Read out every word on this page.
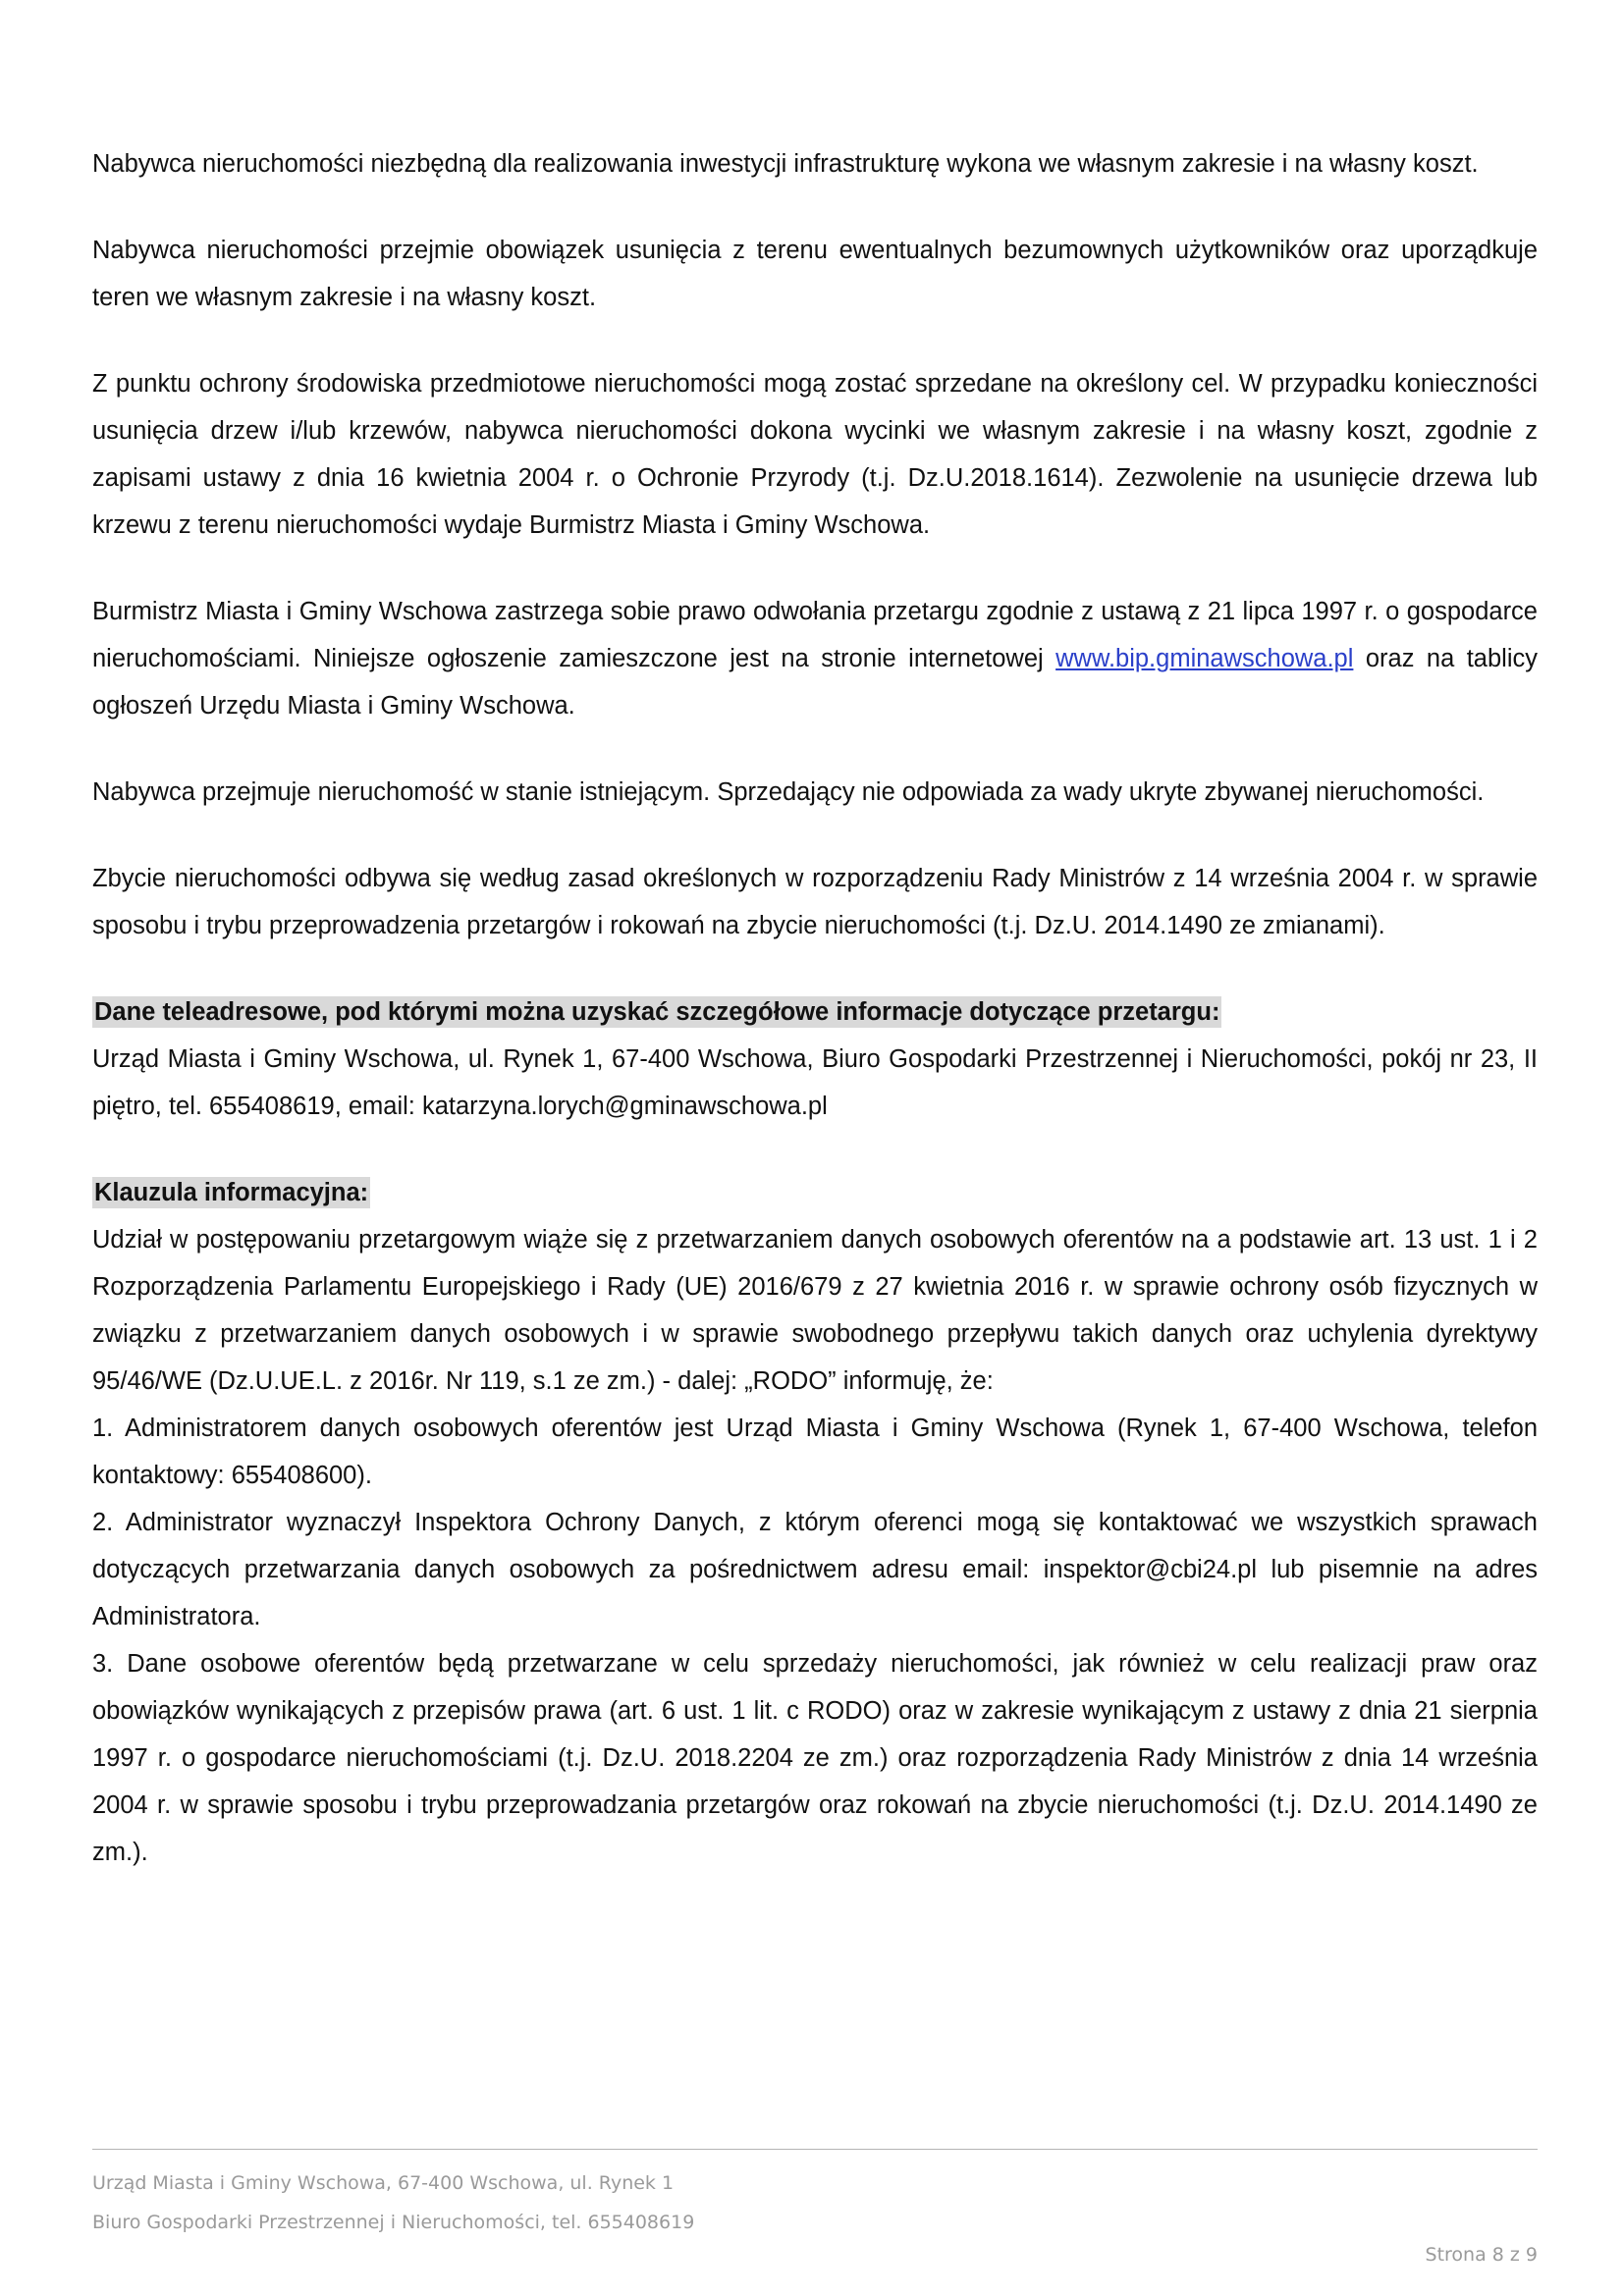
Nabywca nieruchomości niezbędną dla realizowania inwestycji infrastrukturę wykona we własnym zakresie i na własny koszt.

Nabywca nieruchomości przejmie obowiązek usunięcia z terenu ewentualnych bezumownych użytkowników oraz uporządkuje teren we własnym zakresie i na własny koszt.

Z punktu ochrony środowiska przedmiotowe nieruchomości mogą zostać sprzedane na określony cel. W przypadku konieczności usunięcia drzew i/lub krzewów, nabywca nieruchomości dokona wycinki we własnym zakresie i na własny koszt, zgodnie z zapisami ustawy z dnia 16 kwietnia 2004 r. o Ochronie Przyrody (t.j. Dz.U.2018.1614). Zezwolenie na usunięcie drzewa lub krzewu z terenu nieruchomości wydaje Burmistrz Miasta i Gminy Wschowa.

Burmistrz Miasta i Gminy Wschowa zastrzega sobie prawo odwołania przetargu zgodnie z ustawą z 21 lipca 1997 r. o gospodarce nieruchomościami. Niniejsze ogłoszenie zamieszczone jest na stronie internetowej www.bip.gminawschowa.pl oraz na tablicy ogłoszeń Urzędu Miasta i Gminy Wschowa.

Nabywca przejmuje nieruchomość w stanie istniejącym. Sprzedający nie odpowiada za wady ukryte zbywanej nieruchomości.

Zbycie nieruchomości odbywa się według zasad określonych w rozporządzeniu Rady Ministrów z 14 września 2004 r. w sprawie sposobu i trybu przeprowadzenia przetargów i rokowań na zbycie nieruchomości (t.j. Dz.U. 2014.1490 ze zmianami).

Dane teleadresowe, pod którymi można uzyskać szczegółowe informacje dotyczące przetargu:

Urząd Miasta i Gminy Wschowa, ul. Rynek 1, 67-400 Wschowa, Biuro Gospodarki Przestrzennej i Nieruchomości, pokój nr 23, II piętro, tel. 655408619, email: katarzyna.lorych@gminawschowa.pl

Klauzula informacyjna:

Udział w postępowaniu przetargowym wiąże się z przetwarzaniem danych osobowych oferentów na a podstawie art. 13 ust. 1 i 2 Rozporządzenia Parlamentu Europejskiego i Rady (UE) 2016/679 z 27 kwietnia 2016 r. w sprawie ochrony osób fizycznych w związku z przetwarzaniem danych osobowych i w sprawie swobodnego przepływu takich danych oraz uchylenia dyrektywy 95/46/WE (Dz.U.UE.L. z 2016r. Nr 119, s.1 ze zm.) - dalej: „RODO” informuję, że:

1. Administratorem danych osobowych oferentów jest Urząd Miasta i Gminy Wschowa (Rynek 1, 67-400 Wschowa, telefon kontaktowy: 655408600).

2. Administrator wyznaczył Inspektora Ochrony Danych, z którym oferenci mogą się kontaktować we wszystkich sprawach dotyczących przetwarzania danych osobowych za pośrednictwem adresu email: inspektor@cbi24.pl lub pisemnie na adres Administratora.

3. Dane osobowe oferentów będą przetwarzane w celu sprzedaży nieruchomości, jak również w celu realizacji praw oraz obowiązków wynikających z przepisów prawa (art. 6 ust. 1 lit. c RODO) oraz w zakresie wynikającym z ustawy z dnia 21 sierpnia 1997 r. o gospodarce nieruchomościami (t.j. Dz.U. 2018.2204 ze zm.) oraz rozporządzenia Rady Ministrów z dnia 14 września 2004 r. w sprawie sposobu i trybu przeprowadzania przetargów oraz rokowań na zbycie nieruchomości (t.j. Dz.U. 2014.1490 ze zm.).

Urząd Miasta i Gminy Wschowa, 67-400 Wschowa, ul. Rynek 1
Biuro Gospodarki Przestrzennej i Nieruchomości, tel. 655408619
Strona 8 z 9
